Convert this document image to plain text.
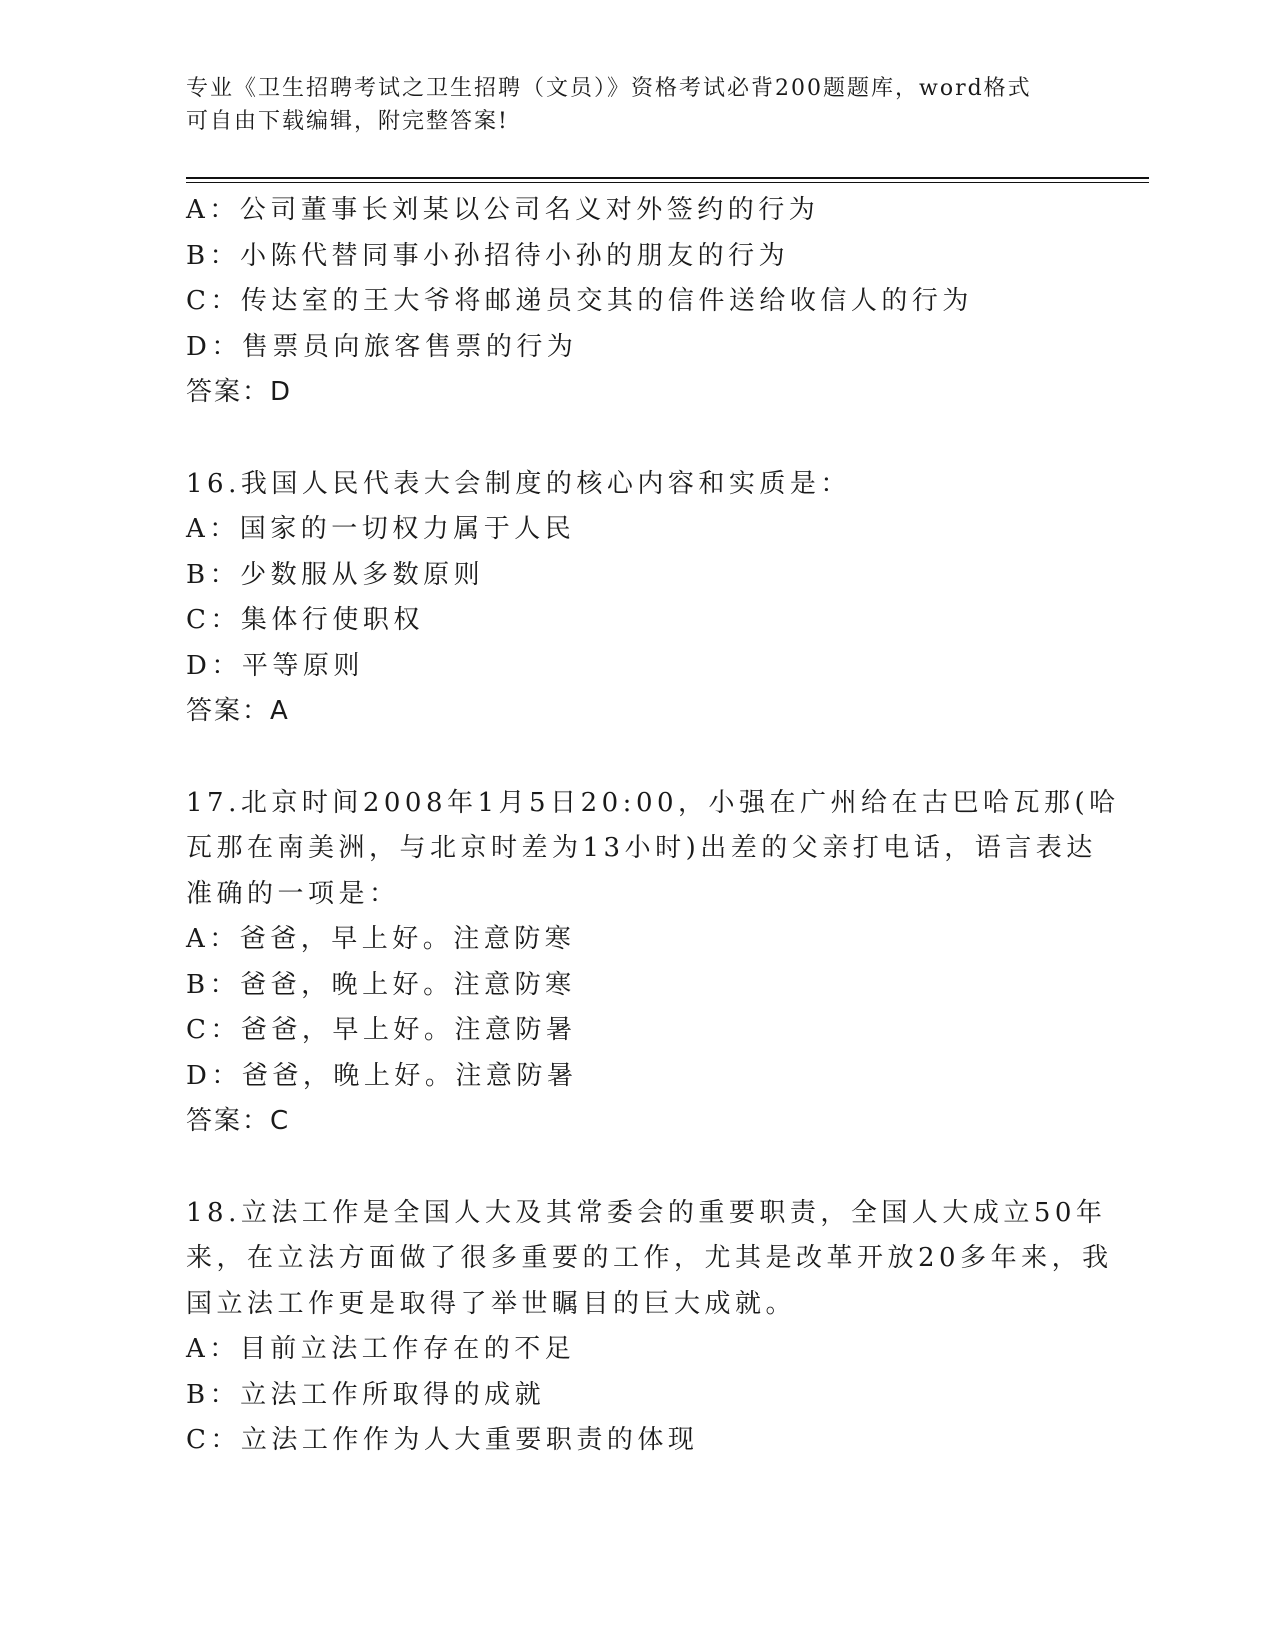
专业《卫生招聘考试之卫生招聘（文员）》资格考试必背200题题库，word格式
可自由下载编辑，附完整答案!
A：公司董事长刘某以公司名义对外签约的行为
B：小陈代替同事小孙招待小孙的朋友的行为
C：传达室的王大爷将邮递员交其的信件送给收信人的行为
D：售票员向旅客售票的行为
答案：D
16.我国人民代表大会制度的核心内容和实质是：
A：国家的一切权力属于人民
B：少数服从多数原则
C：集体行使职权
D：平等原则
答案：A
17.北京时间2008年1月5日20:00，小强在广州给在古巴哈瓦那(哈
瓦那在南美洲，与北京时差为13小时)出差的父亲打电话，语言表达
准确的一项是：
A：爸爸，早上好。注意防寒
B：爸爸，晚上好。注意防寒
C：爸爸，早上好。注意防暑
D：爸爸，晚上好。注意防暑
答案：C
18.立法工作是全国人大及其常委会的重要职责，全国人大成立50年
来，在立法方面做了很多重要的工作，尤其是改革开放20多年来，我
国立法工作更是取得了举世瞩目的巨大成就。
A：目前立法工作存在的不足
B：立法工作所取得的成就
C：立法工作作为人大重要职责的体现
